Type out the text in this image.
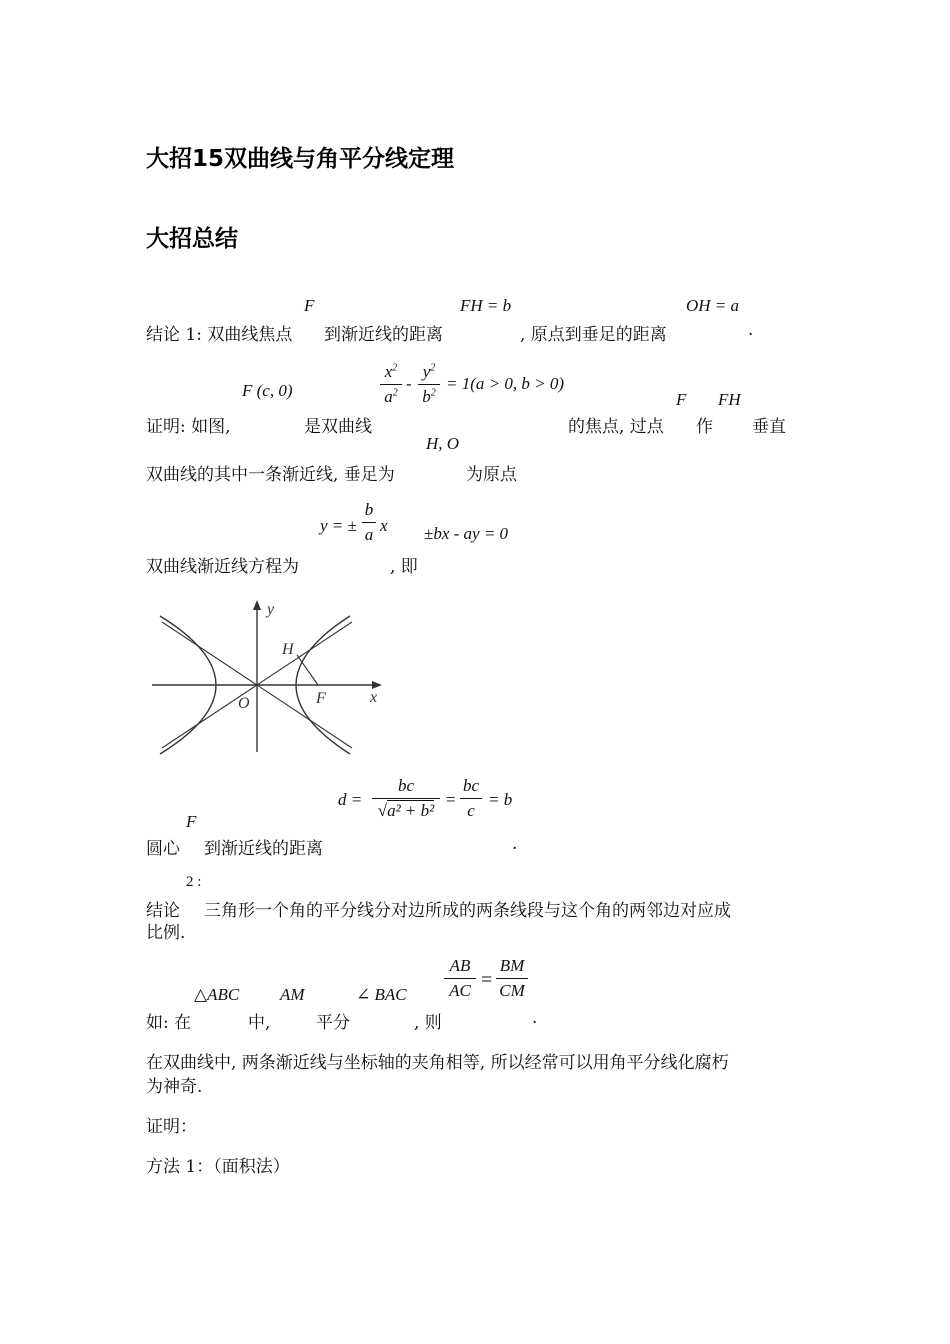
大招15双曲线与角平分线定理
大招总结
F	FH = b	OH = a
结论 1: 双曲线焦点 到渐近线的距离	, 原点到垂足的距离	.
F (c, 0)
$x^2$
$a^2$ -
$y^2$
$b^2 = 1(a > 0$, b > 0)
F FH
证明: 如图,	是双曲线	的焦点, 过点 作 垂直
H, O
双曲线的其中一条渐近线, 垂足为	为原点
y = ±
b
a x ±bx - ay = 0
双曲线渐近线方程为	, 即
y
x
O
H
F
d =
bc
√a² + b²
=
bc
c
= b
F
圆心 到渐近线的距离	.
2 :
结论 三角形一个角的平分线分对边所成的两条线段与这个角的两邻边对应成
比例.
△ABC AM	∠ BAC
AB
AC =
BM
CM
如: 在	中,	平分	, 则	.
在双曲线中, 两条渐近线与坐标轴的夹角相等, 所以经常可以用角平分线化腐朽
为神奇.
证明：
方法 1：（面积法）
